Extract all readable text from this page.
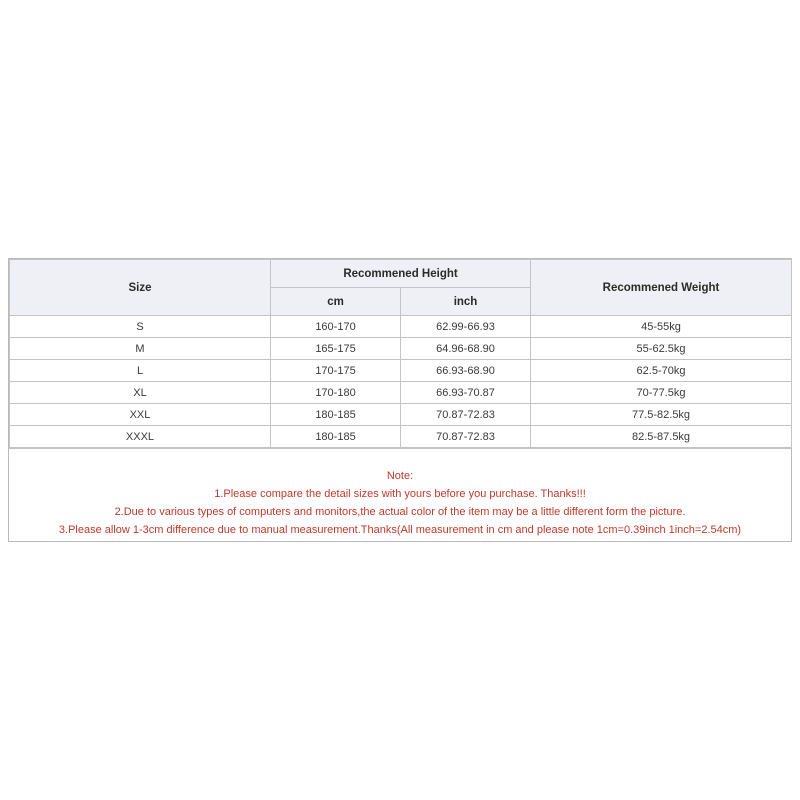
Size	Recommened Height		Recommened Weight
	cm	inch	
S	160-170	62.99-66.93	45-55kg
M	165-175	64.96-68.90	55-62.5kg
L	170-175	66.93-68.90	62.5-70kg
XL	170-180	66.93-70.87	70-77.5kg
XXL	180-185	70.87-72.83	77.5-82.5kg
XXXL	180-185	70.87-72.83	82.5-87.5kg
Note:
1.Please compare the detail sizes with yours before you purchase. Thanks!!!
2.Due to various types of computers and monitors,the actual color of the item may be a little different form the picture.
3.Please allow 1-3cm difference due to manual measurement.Thanks(All measurement in cm and please note 1cm=0.39inch 1inch=2.54cm)
